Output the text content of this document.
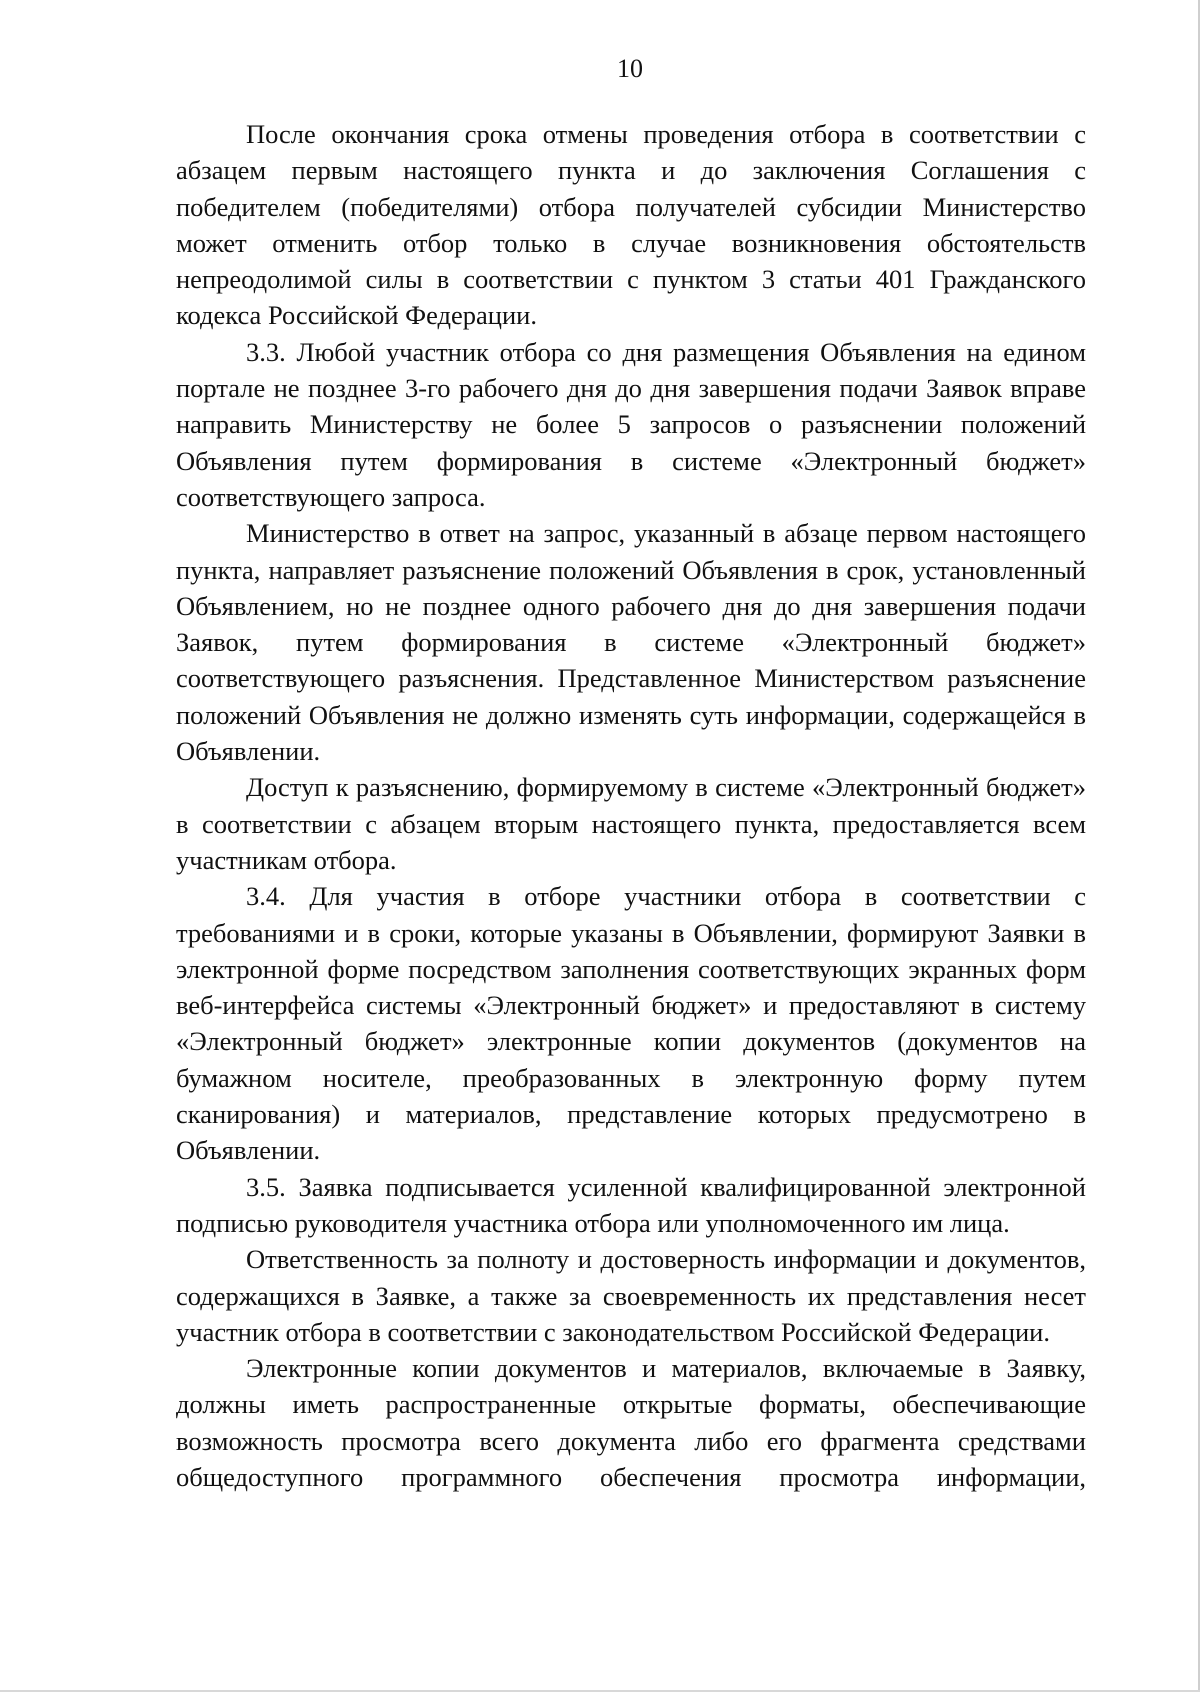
10

После окончания срока отмены проведения отбора в соответствии с абзацем первым настоящего пункта и до заключения Соглашения с победителем (победителями) отбора получателей субсидии Министерство может отменить отбор только в случае возникновения обстоятельств непреодолимой силы в соответствии с пунктом 3 статьи 401 Гражданского кодекса Российской Федерации.

3.3. Любой участник отбора со дня размещения Объявления на едином портале не позднее 3-го рабочего дня до дня завершения подачи Заявок вправе направить Министерству не более 5 запросов о разъяснении положений Объявления путем формирования в системе «Электронный бюджет» соответствующего запроса.

Министерство в ответ на запрос, указанный в абзаце первом настоящего пункта, направляет разъяснение положений Объявления в срок, установленный Объявлением, но не позднее одного рабочего дня до дня завершения подачи Заявок, путем формирования в системе «Электронный бюджет» соответствующего разъяснения. Представленное Министерством разъяснение положений Объявления не должно изменять суть информации, содержащейся в Объявлении.

Доступ к разъяснению, формируемому в системе «Электронный бюджет» в соответствии с абзацем вторым настоящего пункта, предоставляется всем участникам отбора.

3.4. Для участия в отборе участники отбора в соответствии с требованиями и в сроки, которые указаны в Объявлении, формируют Заявки в электронной форме посредством заполнения соответствующих экранных форм веб-интерфейса системы «Электронный бюджет» и предоставляют в систему «Электронный бюджет» электронные копии документов (документов на бумажном носителе, преобразованных в электронную форму путем сканирования) и материалов, представление которых предусмотрено в Объявлении.

3.5. Заявка подписывается усиленной квалифицированной электронной подписью руководителя участника отбора или уполномоченного им лица.

Ответственность за полноту и достоверность информации и документов, содержащихся в Заявке, а также за своевременность их представления несет участник отбора в соответствии с законодательством Российской Федерации.

Электронные копии документов и материалов, включаемые в Заявку, должны иметь распространенные открытые форматы, обеспечивающие возможность просмотра всего документа либо его фрагмента средствами общедоступного программного обеспечения просмотра информации,
